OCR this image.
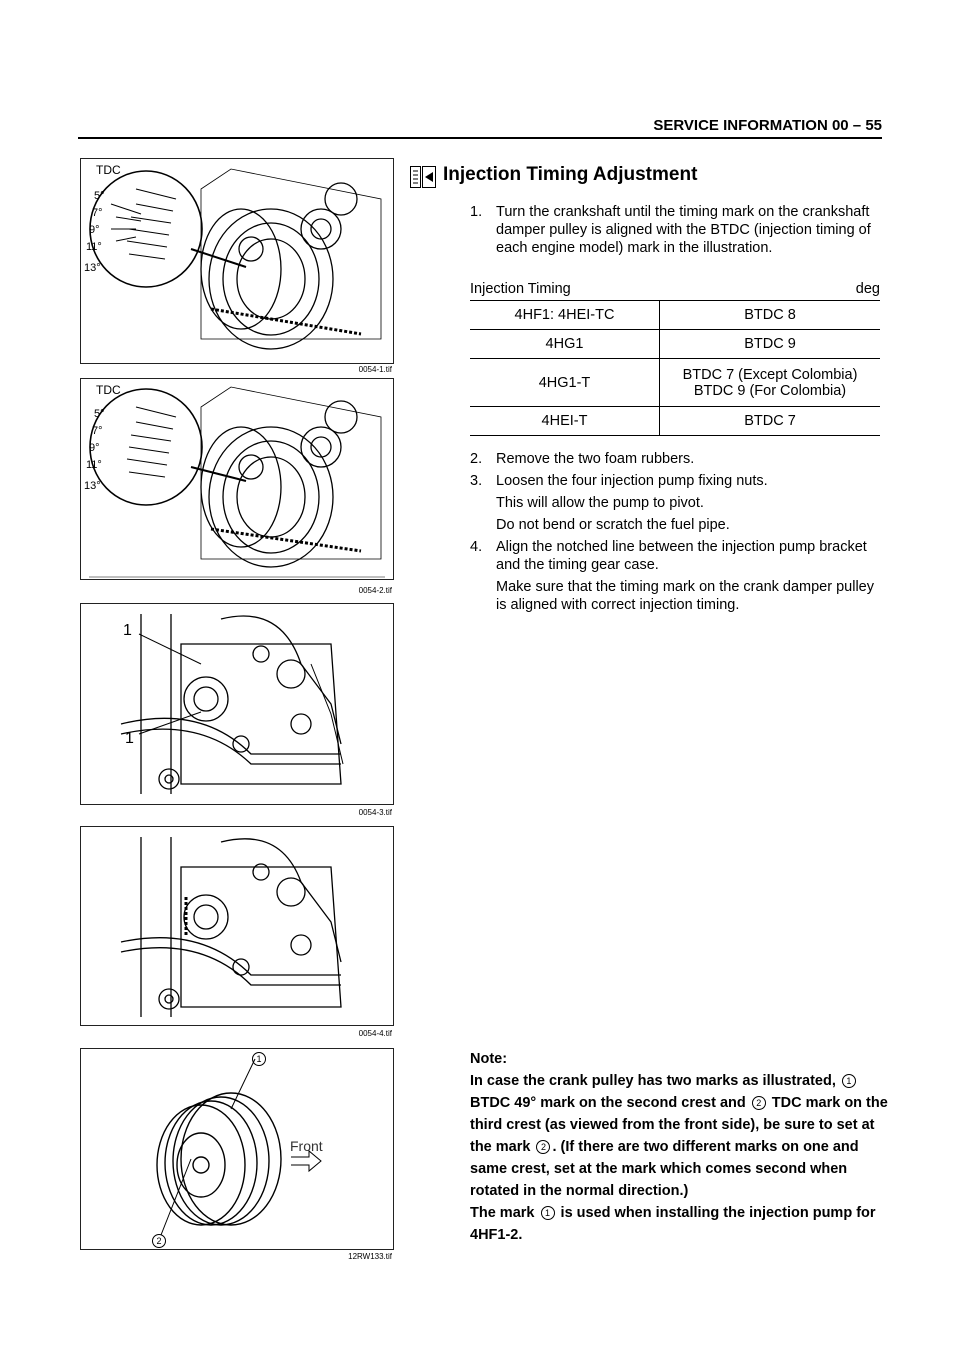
SERVICE INFORMATION 00 – 55
TDC
5°
7°
9°
11°
13°
0054-1.tif
TDC
5°
7°
9°
11°
13°
0054-2.tif
1
1
0054-3.tif
0054-4.tif
1
2
Front
12RW133.tif
Injection Timing Adjustment
1. Turn the crankshaft until the timing mark on the crankshaft damper pulley is aligned with the BTDC (injection timing of each engine model) mark in the illustration.
Injection Timing	deg
4HF1: 4HEI-TC	BTDC 8
4HG1	BTDC 9
4HG1-T	BTDC 7 (Except Colombia)
BTDC 9 (For Colombia)

4HEI-T	BTDC 7
2. Remove the two foam rubbers.
3. Loosen the four injection pump fixing nuts.
This will allow the pump to pivot.
Do not bend or scratch the fuel pipe.
4. Align the notched line between the injection pump bracket and the timing gear case.
Make sure that the timing mark on the crank damper pulley is aligned with correct injection timing.
Note:
In case the crank pulley has two marks as illustrated, 1 BTDC 49° mark on the second crest and 2 TDC mark on the third crest (as viewed from the front side), be sure to set at the mark 2 . (If there are two different marks on one and same crest, set at the mark which comes second when rotated in the normal direction.)
The mark 1 is used when installing the injection pump for 4HF1-2.
